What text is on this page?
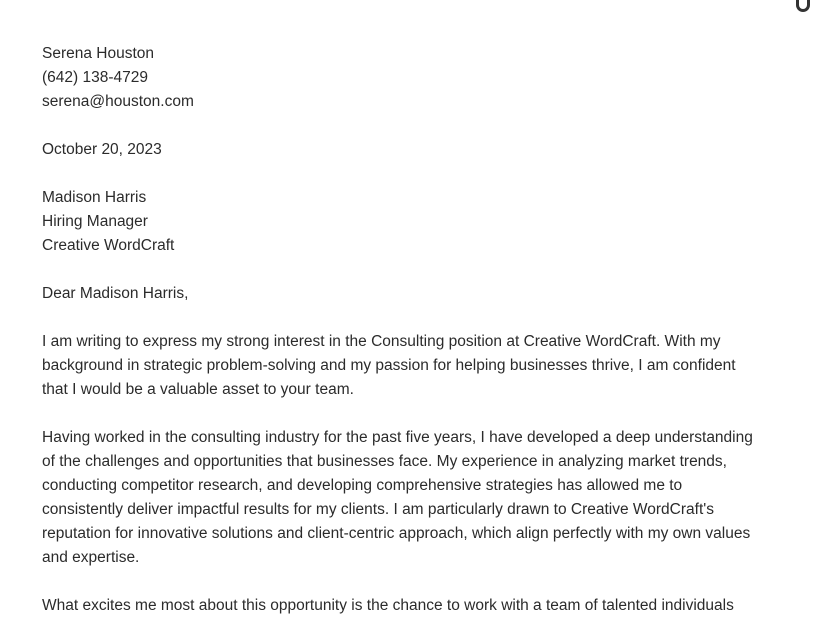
Serena Houston
(642) 138-4729
serena@houston.com
October 20, 2023
Madison Harris
Hiring Manager
Creative WordCraft
Dear Madison Harris,
I am writing to express my strong interest in the Consulting position at Creative WordCraft. With my
background in strategic problem-solving and my passion for helping businesses thrive, I am confident
that I would be a valuable asset to your team.
Having worked in the consulting industry for the past five years, I have developed a deep understanding
of the challenges and opportunities that businesses face. My experience in analyzing market trends,
conducting competitor research, and developing comprehensive strategies has allowed me to
consistently deliver impactful results for my clients. I am particularly drawn to Creative WordCraft's
reputation for innovative solutions and client-centric approach, which align perfectly with my own values
and expertise.
What excites me most about this opportunity is the chance to work with a team of talented individuals
